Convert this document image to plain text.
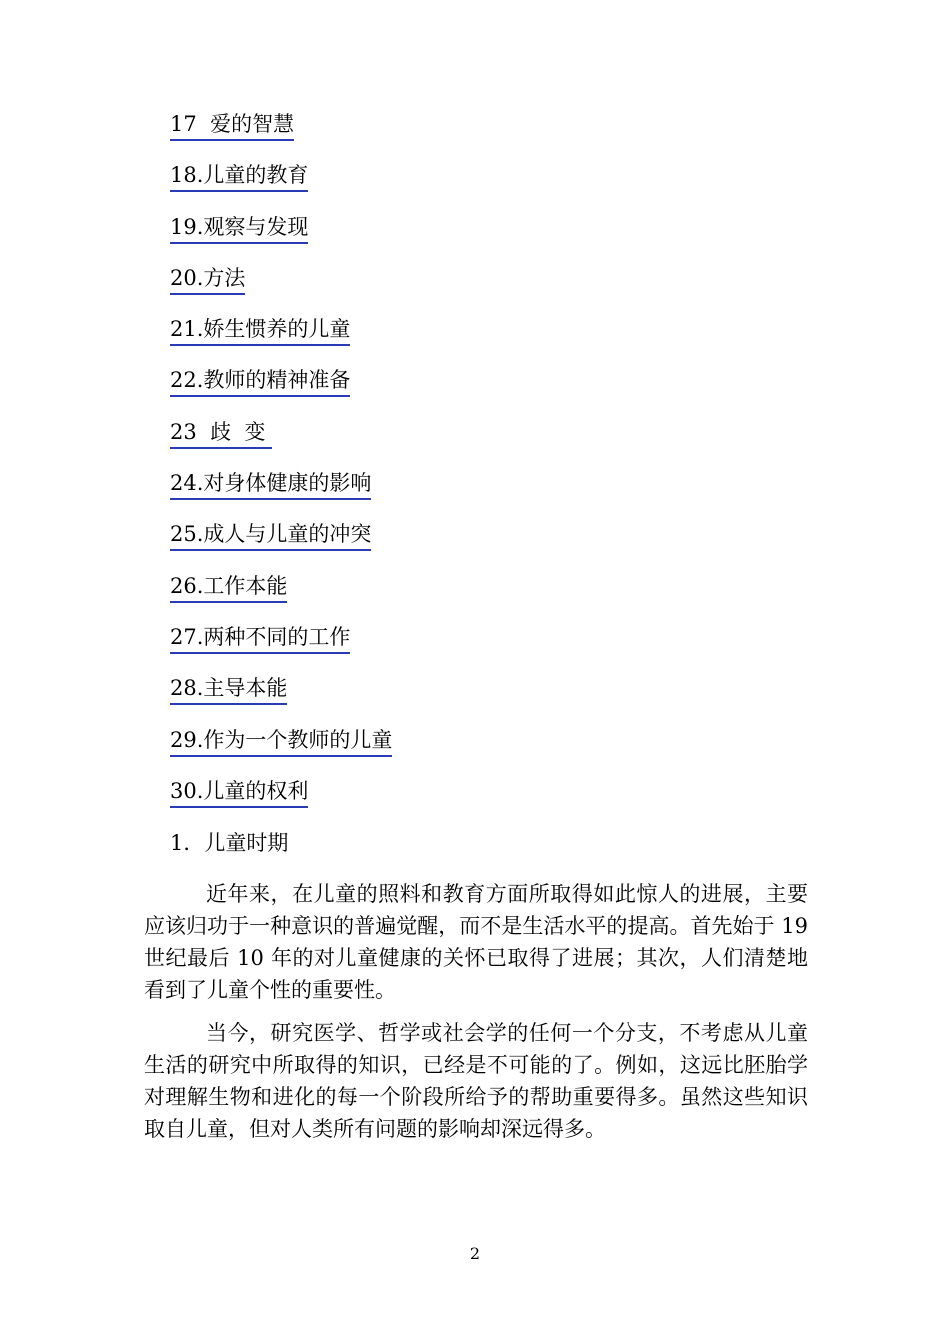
17  爱的智慧
18.儿童的教育
19.观察与发现
20.方法
21.娇生惯养的儿童
22.教师的精神准备
23  歧  变
24.对身体健康的影响
25.成人与儿童的冲突
26.工作本能
27.两种不同的工作
28.主导本能
29.作为一个教师的儿童
30.儿童的权利
1．儿童时期

近年来，在儿童的照料和教育方面所取得如此惊人的进展，主要应该归功于一种意识的普遍觉醒，而不是生活水平的提高。首先始于 19 世纪最后 10 年的对儿童健康的关怀已取得了进展；其次，人们清楚地看到了儿童个性的重要性。

当今，研究医学、哲学或社会学的任何一个分支，不考虑从儿童生活的研究中所取得的知识，已经是不可能的了。例如，这远比胚胎学对理解生物和进化的每一个阶段所给予的帮助重要得多。虽然这些知识取自儿童，但对人类所有问题的影响却深远得多。

2
